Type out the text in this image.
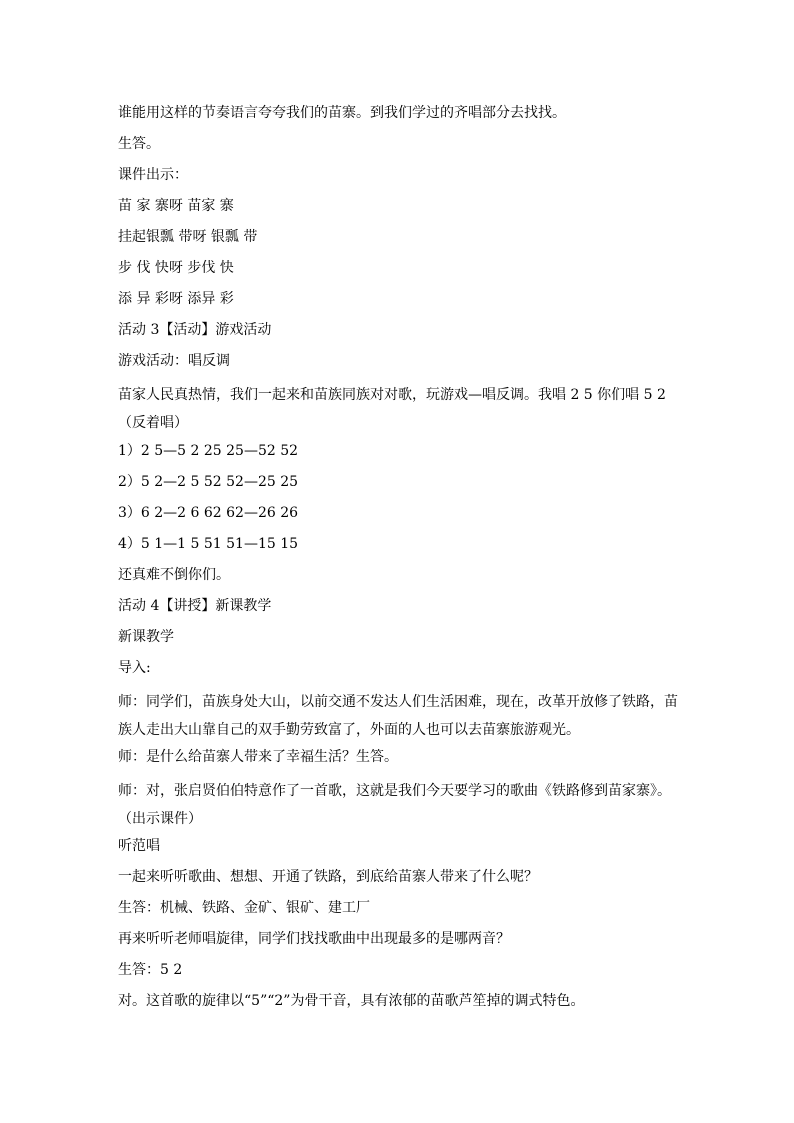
谁能用这样的节奏语言夸夸我们的苗寨。到我们学过的齐唱部分去找找。
生答。
课件出示：
苗 家 寨呀 苗家 寨
挂起银瓢 带呀 银瓢 带
步 伐 快呀 步伐 快
添 异 彩呀 添异 彩
活动 3【活动】游戏活动
游戏活动：唱反调
苗家人民真热情，我们一起来和苗族同族对对歌，玩游戏—唱反调。我唱 2 5 你们唱 5 2（反着唱）
1）2 5—5 2 25 25—52 52
2）5 2—2 5 52 52—25 25
3）6 2—2 6 62 62—26 26
4）5 1—1 5 51 51—15 15
还真难不倒你们。
活动 4【讲授】新课教学
新课教学
导入:
师：同学们，苗族身处大山，以前交通不发达人们生活困难，现在，改革开放修了铁路，苗族人走出大山靠自己的双手勤劳致富了，外面的人也可以去苗寨旅游观光。
师：是什么给苗寨人带来了幸福生活？生答。
师：对，张启贤伯伯特意作了一首歌，这就是我们今天要学习的歌曲《铁路修到苗家寨》。（出示课件）
听范唱
一起来听听歌曲、想想、开通了铁路，到底给苗寨人带来了什么呢？
生答：机械、铁路、金矿、银矿、建工厂
再来听听老师唱旋律，同学们找找歌曲中出现最多的是哪两音？
生答：5 2
对。这首歌的旋律以“5”“2”为骨干音，具有浓郁的苗歌芦笙掉的调式特色。
